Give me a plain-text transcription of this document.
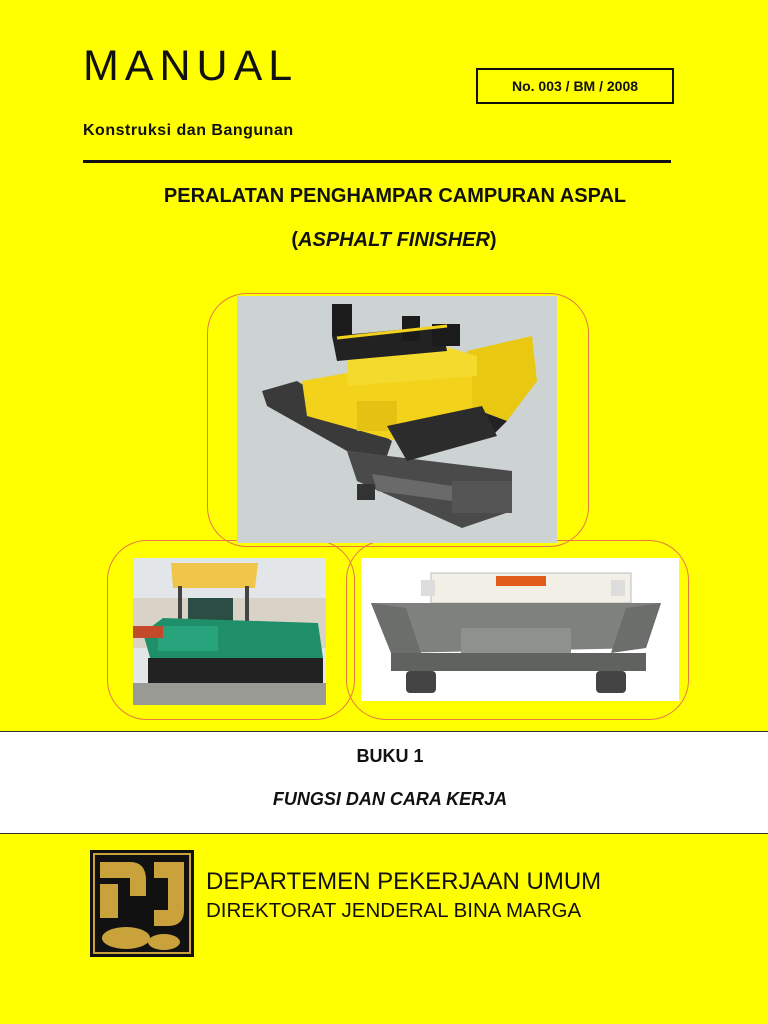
MANUAL	No. 003 / BM / 2008
Konstruksi dan Bangunan
PERALATAN PENGHAMPAR CAMPURAN ASPAL
(ASPHALT FINISHER)
BUKU 1
FUNGSI DAN CARA KERJA
DEPARTEMEN PEKERJAAN UMUM
DIREKTORAT JENDERAL BINA MARGA
